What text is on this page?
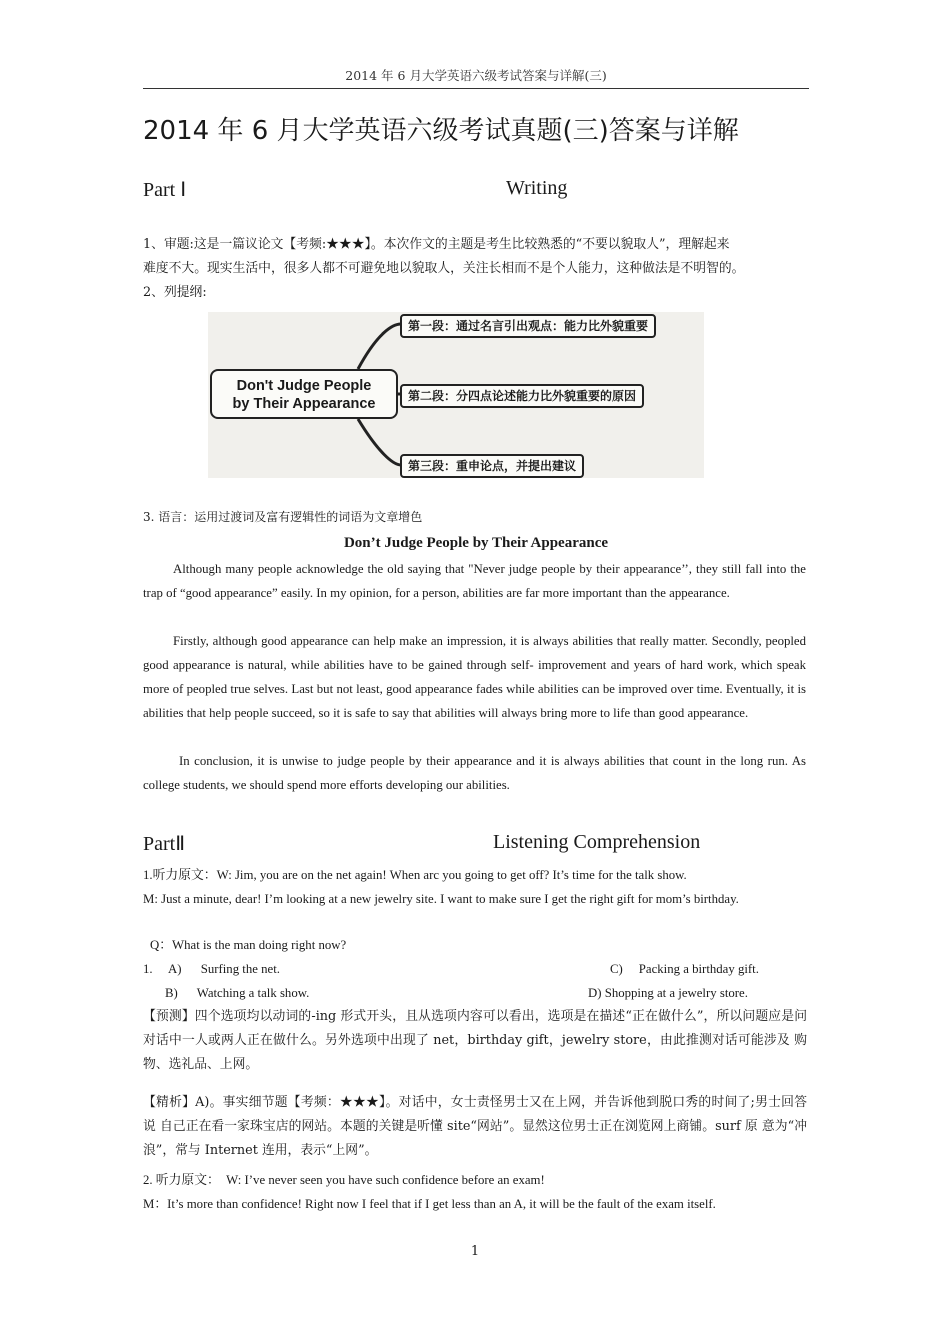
2014 年 6 月大学英语六级考试答案与详解(三)
2014 年 6 月大学英语六级考试真题(三)答案与详解
Part Ⅰ	Writing
1、审题:这是一篇议论文【考频:★★★】。本次作文的主题是考生比较熟悉的“不要以貌取人”，理解起来
难度不大。现实生活中，很多人都不可避免地以貌取人，关注长相而不是个人能力，这种做法是不明智的。
2、列提纲:
Don't Judge People
by Their Appearance
第一段：通过名言引出观点：能力比外貌重要
第二段：分四点论述能力比外貌重要的原因
第三段：重申论点，并提出建议
3. 语言：运用过渡词及富有逻辑性的词语为文章增色
Don’t Judge People by Their Appearance
Although many people acknowledge the old saying that "Never judge people by their appearance’’, they still fall into the trap of “good appearance” easily. In my opinion, for a person, abilities are far more important than the appearance.
Firstly, although good appearance can help make an impression, it is always abilities that really matter. Secondly, peopled good appearance is natural, while abilities have to be gained through self- improvement and years of hard work, which speak more of peopled true selves. Last but not least, good appearance fades while abilities can be improved over time. Eventually, it is abilities that help people succeed, so it is safe to say that abilities will always bring more to life than good appearance.
In conclusion, it is unwise to judge people by their appearance and it is always abilities that count in the long run. As college students, we should spend more efforts developing our abilities.
PartⅡ	Listening Comprehension
1.听力原文：W: Jim, you are on the net again! When arc you going to get off? It’s time for the talk show.
M: Just a minute, dear! I’m looking at a new jewelry site. I want to make sure I get the right gift for mom’s birthday.
Q：What is the man doing right now?
1. A)      Surfing the net.	C)     Packing a birthday gift.
B)      Watching a talk show.	D) Shopping at a jewelry store.
【预测】四个选项均以动词的-ing 形式开头，且从选项内容可以看出，选项是在描述“正在做什么”，所以问题应是问对话中一人或两人正在做什么。另外选项中出现了 net，birthday gift，jewelry store，由此推测对话可能涉及 购物、选礼品、上网。
【精析】A)。事实细节题【考频：★★★】。对话中，女士责怪男士又在上网，并告诉他到脱口秀的时间了;男士回答说 自己正在看一家珠宝店的网站。本题的关键是听懂 site“网站”。显然这位男士正在浏览网上商铺。surf 原 意为“冲浪”，常与 Internet 连用，表示“上网”。
2. 听力原文：  W: I’ve never seen you have such confidence before an exam!
M：It’s more than confidence! Right now I feel that if I get less than an A, it will be the fault of the exam itself.
1
